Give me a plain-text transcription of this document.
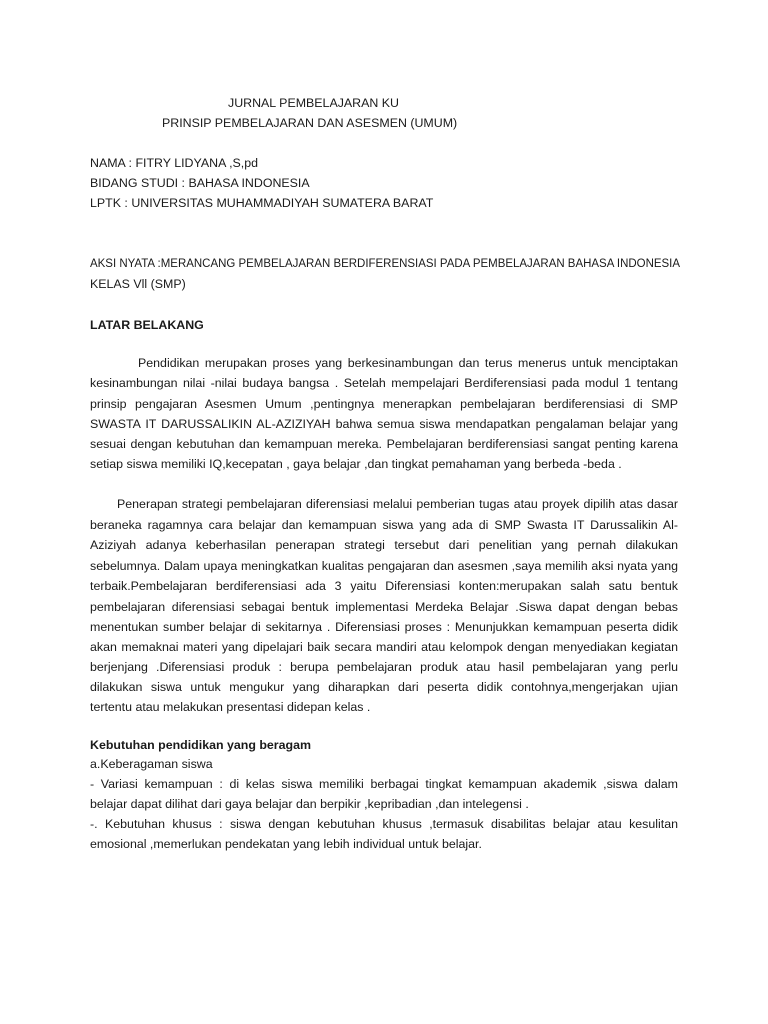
JURNAL PEMBELAJARAN KU
PRINSIP PEMBELAJARAN DAN ASESMEN (UMUM)
NAMA : FITRY LIDYANA ,S,pd
BIDANG STUDI : BAHASA INDONESIA
LPTK : UNIVERSITAS MUHAMMADIYAH SUMATERA BARAT
AKSI NYATA :MERANCANG PEMBELAJARAN BERDIFERENSIASI PADA PEMBELAJARAN BAHASA INDONESIA
KELAS Vll (SMP)
LATAR BELAKANG
Pendidikan merupakan proses yang berkesinambungan dan terus menerus untuk menciptakan
kesinambungan nilai -nilai budaya bangsa . Setelah mempelajari Berdiferensiasi pada modul 1 tentang
prinsip pengajaran Asesmen Umum ,pentingnya menerapkan pembelajaran berdiferensiasi di SMP
SWASTA IT DARUSSALIKIN AL-AZIZIYAH bahwa semua siswa mendapatkan pengalaman belajar yang
sesuai dengan kebutuhan dan kemampuan mereka. Pembelajaran berdiferensiasi sangat penting karena
setiap siswa memiliki IQ,kecepatan , gaya belajar ,dan tingkat pemahaman yang berbeda -beda .
Penerapan strategi pembelajaran diferensiasi melalui pemberian tugas atau proyek dipilih atas dasar
beraneka ragamnya cara belajar dan kemampuan siswa yang ada di SMP Swasta IT Darussalikin Al-
Aziziyah adanya keberhasilan penerapan strategi tersebut dari penelitian yang pernah dilakukan
sebelumnya. Dalam upaya meningkatkan kualitas pengajaran dan asesmen ,saya memilih aksi nyata yang
terbaik.Pembelajaran berdiferensiasi ada 3 yaitu Diferensiasi konten:merupakan salah satu bentuk
pembelajaran diferensiasi sebagai bentuk implementasi Merdeka Belajar .Siswa dapat dengan bebas
menentukan sumber belajar di sekitarnya . Diferensiasi proses : Menunjukkan kemampuan peserta didik
akan memaknai materi yang dipelajari baik secara mandiri atau kelompok dengan menyediakan kegiatan
berjenjang .Diferensiasi produk : berupa pembelajaran produk atau hasil pembelajaran yang perlu
dilakukan siswa untuk mengukur yang diharapkan dari peserta didik contohnya,mengerjakan ujian
tertentu atau melakukan presentasi didepan kelas .
Kebutuhan pendidikan yang beragam
a.Keberagaman siswa
- Variasi kemampuan : di kelas siswa memiliki berbagai tingkat kemampuan akademik ,siswa dalam
belajar dapat dilihat dari gaya belajar dan berpikir ,kepribadian ,dan intelegensi .
-. Kebutuhan khusus : siswa dengan kebutuhan khusus ,termasuk disabilitas belajar atau kesulitan
emosional ,memerlukan pendekatan yang lebih individual untuk belajar.
